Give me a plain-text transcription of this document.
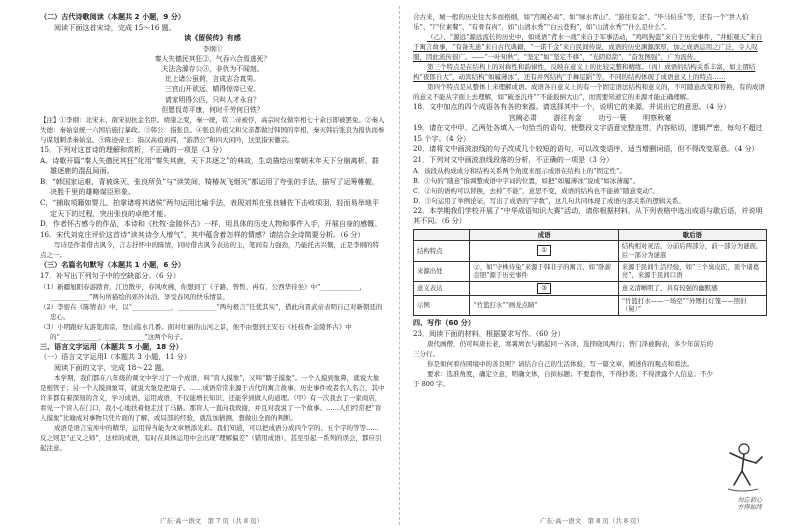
（二）古代诗歌阅读（本题共 2 小题，9 分）

阅读下面这首宋诗，完成 15～16 题。

读《留侯传》有感

李纲①

秦人失德民其狂②，气吞六合焉逃死？

夫法含滌存公③，非仇为不闻刻。

比上诸公虽荷，言成志合真男。

三宫山开欲远，晴得惊帝已安。

请家明得公匹，只叫人才永自？

但愿侃苛平康，何时千劳何日铁？

【注】①李纲：北宋末、南宋初抗金名臣。靖康之变，秦一统，钦二帝被俘，高宗时仅做宰相七十余日即被罢免。②秦人失德：秦始皇统一六国后施行暴政。③韩公：指张良。④张良的祖父和父亲都做过韩国的宰相，秦灭韩后张良为报仇而参与谋划刺杀秦始皇。⑤陈迹帝王：指汉高祖刘邦，“游潜公”和四大闲吟，这里指宋徽宗。

15．下列对这首诗的理解和赏析，不正确的一项是（3 分）

A．诗歌开篇“秦人失德民其狂”化用“秦失其鹿，天下共逐之”的典故，生动描绘出秦朝末年天下分崩离析、群雄逐鹿的混乱局面。

B．“韩国家运难，背被诛灭，张良所负”与“读笑间，犄椿灰飞烟灭”都运用了夸张的手法，描写了运筹帷幄，决胜千里的雄略谋臣形象。

C．“捕取项籍如婴儿，拍掌诸将其诸侯”两句运用比喻手法，表现刘邦在张良辅佐下击败项羽，轻而易举地平定天下的过程，突出张良的卓绝才能。

D．作者怀古感今的作品，本诗和《杜牧·金陵怀古》一样，用具体的历史人物和事件入手，开展自身的感慨。

16．宋代刘克庄评价这首诗“读其诗令人增气”，其中蕴含着怎样的情感？请结合全诗简要分析。（6 分）

写诗是作者借古讽今，言志抒怀中的陈情，同时借古讽今表达的主，笔间有力强劲，乃能托古兴慨，正是李纲的特点之一。

（三）名篇名句默写（本题共 1 小题，6 分）

17．补写出下列句子中的空缺部分。（6 分）

（1）新疆旭阳春游踏青，江边散步，春风吹拂，你想到了《子路、曾皙、冉有、公西华侍坐》中“____________，____________”两句所描绘的郊外沐浴、享受春风的快乐情景。

（2）李密在《陈情表》中，以“____________，____________”两句极言“任优其实”，借此向晋武帝表明自己对新朝廷的忠心。

（3）小明跟好友游览南京，登山临水几番。面对壮丽的山河之景，他不由想到王安石《桂枝香·金陵怀古》中的“____________，____________”这两个句子。

三、语言文字运用（本题共 5 小题，18 分）

（一）语言文字运用Ⅰ（本题共 3 小题，11 分）

阅读下面的文字，完成 18～22 题。

本学期，我们都在八年级的课文中学习了一个成语，叫“盲人摸象”，又叫“瞎子摸象”。一个人摸到象鼻，就说大象是根管子；另一个人摸到象耳，就说大象是把扇子。……成语常常来源于古代的寓言故事、历史事件或者名人名言，其中许多都有着深刻的含义，学习成语、运用成语，不仅能增长知识，还能学到做人的道理。（甲）有一次我去了一家商店，看见一个盲人在门口，我小心地扶着他走过了马路。那盲人一直向我致谢，并且对我说了一个故事。……人们经常把“盲人摸象”比喻成对事物只凭片面的了解，或局部的经验，就乱加猜测，想做出全面的判断。

成语是语言宝库中的精华，运用得当能为文章增添光彩。我们知道，可以把成语分成四个字的、五个字的等等……反之则是“正义之师”，这样的成语，有时在具体运用中会出现“理解偏差”（错用成语），甚至引起一系列的误会，都应引起注意。

广东·高一语文　第 7 页（共 8 页）

合古来，城一般的历史往大多而格纲，如“宫阙必肃”、如“绿水青山”、“游往有金”、“毕马伯乐”等，还有一个“世人伯乐”、“尸位素餐”、“有骨有肉”，如“山清水秀”“白云苍狗”，如“山清水秀”“什么是什么”。

（乙）、“源远”源远流长的历史中，如成语“背水一战”来自于军事活动，“鸡鸣狗盗”来自于历史事件，“井蛙观天”来自于寓言故事，“有备无患”来自古代典籍，“一诺千金”来自民间传说，成语的历史渊源深厚，加之成语运用之广泛，令人叹服，因此流传很广。——“一叶知秋”，“坚定”如“坚定不移”，“光阴似箭”，“奋发图强”，广为流传。

第三个特点是在结构上的对称性和韵律性，反映在意义上的比较完整和精练。（丙）成语的结构关系丰富，如主谓结构“夜郎自大”，动宾结构“如履薄冰”，还有并列结构“手舞足蹈”等，不同的结构体现了成语意义上的特点……

第四个特点是从整体上来理解成语。成语各自意义上的有一个固定语法结构和意义的，不可随意改变和替换，有的成语的意义不能从字面上去理解，如“破釜沉舟”“不能扳倒大山”，而需要知道它的来源才能正确理解。

18．文中加点的四个成语各有各的来源。请选择其中一个，说明它的来源，并说出它的意思。（4 分）

宫阙必肃　　 游往有金　　 功亏一篑　　 明察秋毫

19．请在文中甲、乙两处各填入一句恰当的语句，使整段文字语意完整连贯，内容贴切，逻辑严密，每句不超过 15 个字。（4 分）

20．请将文中画波浪线的句子改成几个较短的语句，可以改变语序，适当增删词语，但不得改变原意。（4 分）

21．下列对文中画波浪线段落的分析，不正确的一项是（3 分）

A．该段从构成成分和结构关系两个角度来展示成语在结构上的“固定性”。

B．①句的“随意”指调整成语中字词的位置，如把“如履薄冰”说成“如冰薄履”。

C．②句的语构可以替换，去掉“不能”，意思不变，成语的结构也不能被“随意变动”。

D．③句运用了举例论证，写出了成语的“字数”，这几句共同体现了成语内部关系的逻辑关系。

22．本学期我们学校开展了“中华成语知识大赛”活动，请你根据材料，从下列表格中选出成语与歇后语，并说明其不同。（6 分）

	成语	歇后语
结构特点	①	结构相对灵活，分前后两部分，前一部分为谜面，后一部分为谜底
来源出处	②，如“守株待兔”来源于韩非子的寓言，如“卧薪尝胆”源于历史事件	来源于民间生活经验，如“三个臭皮匠，顶个诸葛亮”，来源于民间口语
意义表达	③	意义清晰明了，具有较强的幽默感
示例	“竹篮打水”“画龙点睛”	“竹篮打水——一场空”“外甥打灯笼——照旧（舅）”

四、写作（60 分）

23．阅读下面的材料，根据要求写作。（60 分）

唐代画僧，仍可叫唐长老，寒暑鸠衣与鹤起同一各泽，选择晓风两行；普门泽被胸表，多少年前后的三分行。

你是如何看待困境中的善良呢？请结合自己的生活体验，写一篇文章，阐述你的观点和看法。

要求：选准角度，确定立意，明确文体，自拟标题；不要套作，不得抄袭；不得泄露个人信息；不少于 800 字。

勿忘初心
方得始终
广东·高一语文　第 8 页（共 8 页）
